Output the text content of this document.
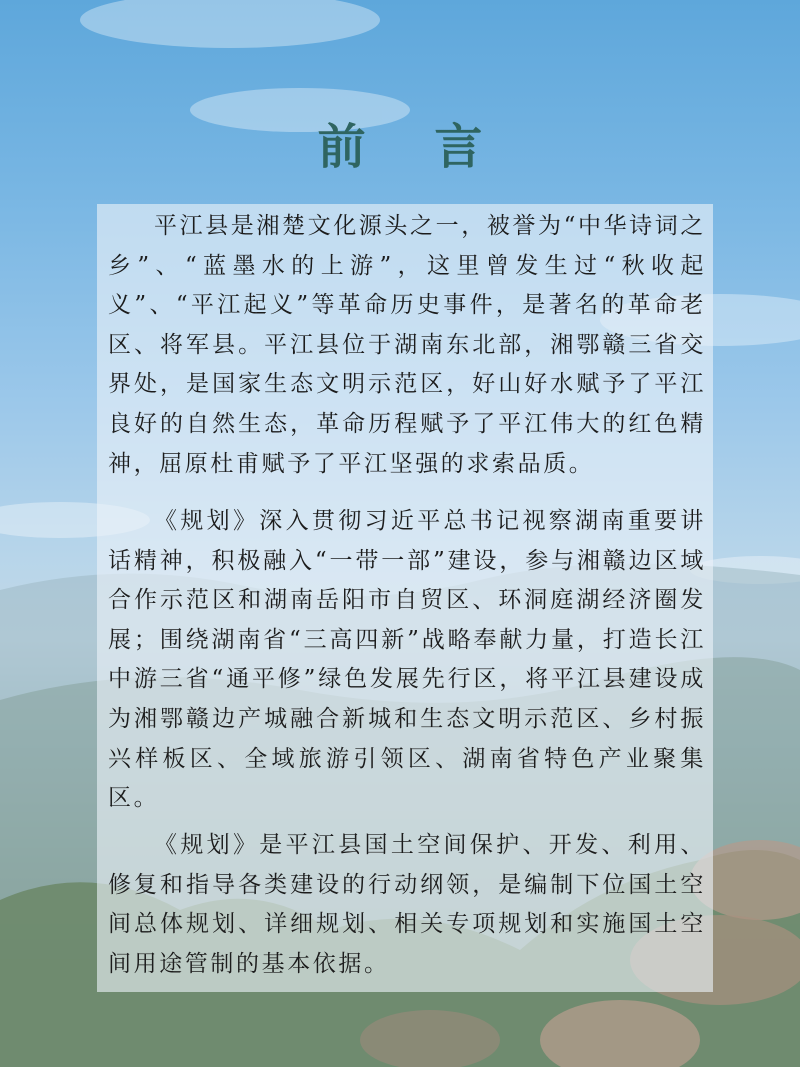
前 言

平江县是湘楚文化源头之一，被誉为“中华诗词之乡”、“蓝墨水的上游”，这里曾发生过“秋收起义”、“平江起义”等革命历史事件，是著名的革命老区、将军县。平江县位于湖南东北部，湘鄂赣三省交界处，是国家生态文明示范区，好山好水赋予了平江良好的自然生态，革命历程赋予了平江伟大的红色精神，屈原杜甫赋予了平江坚强的求索品质。

《规划》深入贯彻习近平总书记视察湖南重要讲话精神，积极融入“一带一部”建设，参与湘赣边区域合作示范区和湖南岳阳市自贸区、环洞庭湖经济圈发展；围绕湖南省“三高四新”战略奉献力量，打造长江中游三省“通平修”绿色发展先行区，将平江县建设成为湘鄂赣边产城融合新城和生态文明示范区、乡村振兴样板区、全域旅游引领区、湖南省特色产业聚集区。

《规划》是平江县国土空间保护、开发、利用、修复和指导各类建设的行动纲领，是编制下位国土空间总体规划、详细规划、相关专项规划和实施国土空间用途管制的基本依据。
